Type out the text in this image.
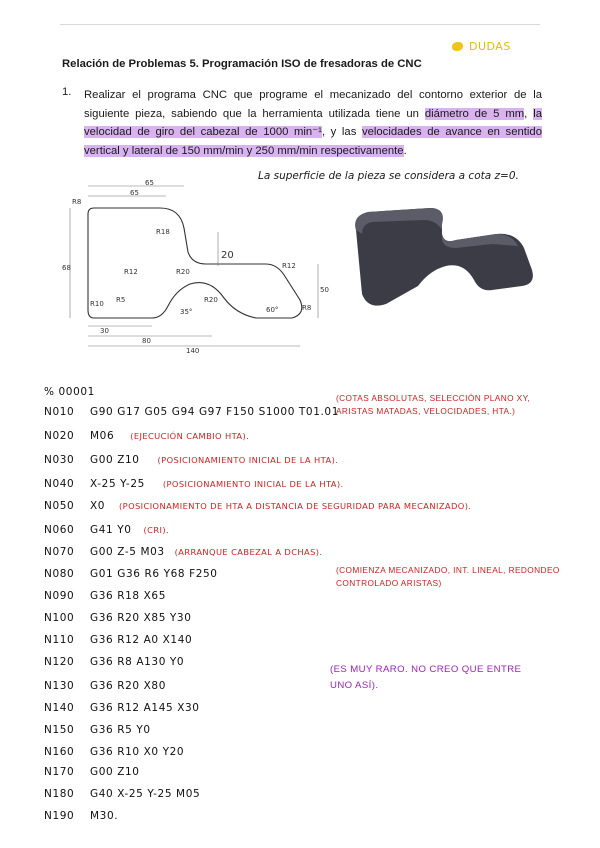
DUDAS
Relación de Problemas 5. Programación ISO de fresadoras de CNC
1. Realizar el programa CNC que programe el mecanizado del contorno exterior de la siguiente pieza, sabiendo que la herramienta utilizada tiene un diámetro de 5 mm, la velocidad de giro del cabezal de 1000 min⁻¹, y las velocidades de avance en sentido vertical y lateral de 150 mm/min y 250 mm/min respectivamente.
65
65
R8
R18
20
R12	R20
R12
68
50
R10 R5
35°
R20
60°	R8
30
80
140
La superficie de la pieza se considera a cota z=0.
% 00001
N010 G90 G17 G05 G94 G97 F150 S1000 T01.01
N020 M06 (EJECUCIÓN CAMBIO HTA).
N030 G00 Z10 (POSICIONAMIENTO INICIAL DE LA HTA).
N040 X-25 Y-25 (POSICIONAMIENTO INICIAL DE LA HTA).
N050 X0 (POSICIONAMIENTO DE HTA A DISTANCIA DE SEGURIDAD PARA MECANIZADO).
N060 G41 Y0 (CRI).
N070 G00 Z-5 M03 (ARRANQUE CABEZAL A DCHAS).
N080 G01 G36 R6 Y68 F250
N090 G36 R18 X65
N100 G36 R20 X85 Y30
N110 G36 R12 A0 X140
N120 G36 R8 A130 Y0
N130 G36 R20 X80
N140 G36 R12 A145 X30
N150 G36 R5 Y0
N160 G36 R10 X0 Y20
N170 G00 Z10
N180 G40 X-25 Y-25 M05
N190 M30.
(COTAS ABSOLUTAS, SELECCIÓN PLANO XY, ARISTAS MATADAS, VELOCIDADES, HTA.)
(COMIENZA MECANIZADO, INT. LINEAL, REDONDEO CONTROLADO ARISTAS)
(ES MUY RARO. NO CREO QUE ENTRE UNO ASÍ).
